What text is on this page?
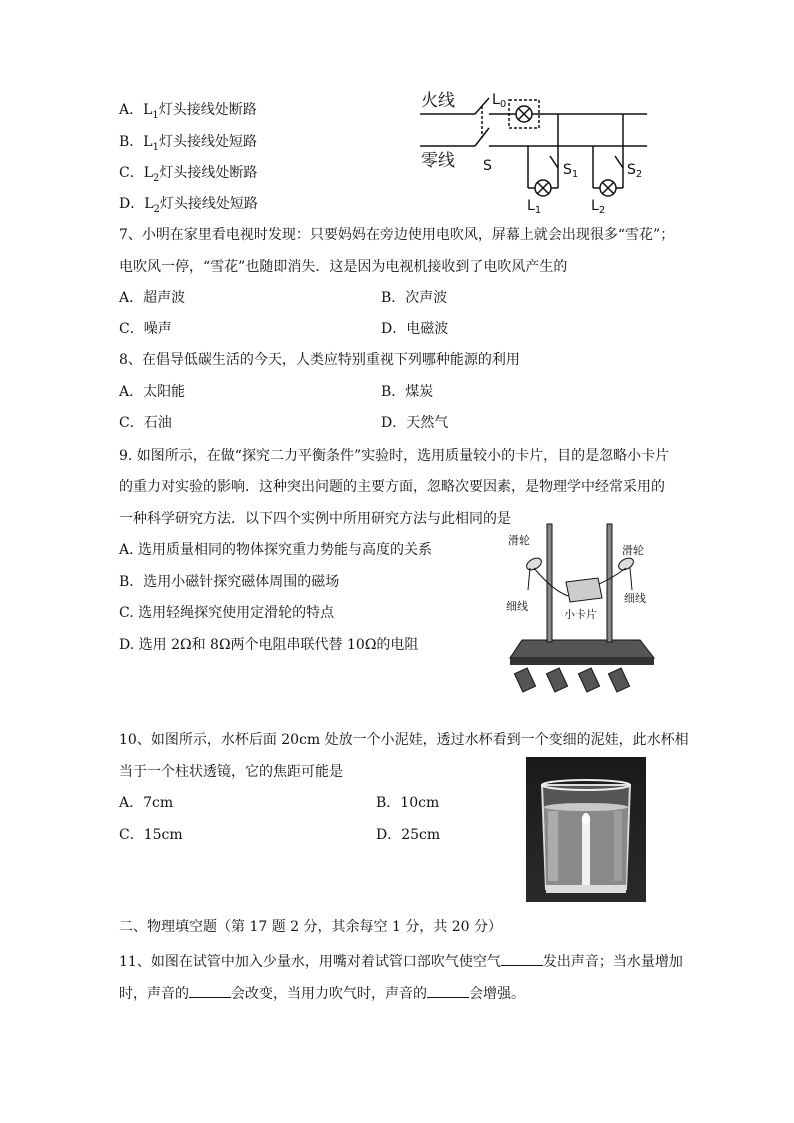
A．$L_1$灯头接线处断路
B．$L_1$灯头接线处短路
C．$L_2$灯头接线处断路
D．$L_2$灯头接线处短路
火线
零线
$L_0$
S	$S_1$	$S_2$
$L_1$	$L_2$
7、小明在家里看电视时发现：只要妈妈在旁边使用电吹风，屏幕上就会出现很多“雪花”；
电吹风一停，“雪花”也随即消失．这是因为电视机接收到了电吹风产生的
A．超声波	B．次声波
C．噪声	D．电磁波
8、在倡导低碳生活的今天，人类应特别重视下列哪种能源的利用
A．太阳能	B．煤炭
C．石油	D．天然气
9. 如图所示，在做“探究二力平衡条件”实验时，选用质量较小的卡片，目的是忽略小卡片
的重力对实验的影响．这种突出问题的主要方面，忽略次要因素，是物理学中经常采用的
一种科学研究方法．以下四个实例中所用研究方法与此相同的是
A. 选用质量相同的物体探究重力势能与高度的关系
B．选用小磁针探究磁体周围的磁场
C. 选用轻绳探究使用定滑轮的特点
D. 选用 2Ω和 8Ω两个电阻串联代替 10Ω的电阻
滑轮
滑轮
细线
细线
小卡片
10、如图所示，水杯后面 20cm 处放一个小泥娃，透过水杯看到一个变细的泥娃，此水杯相
当于一个柱状透镜，它的焦距可能是
A．7cm	B．10cm
C．15cm	D．25cm
二、物理填空题（第 17 题 2 分，其余每空 1 分，共 20 分）
11、如图在试管中加入少量水，用嘴对着试管口部吹气使空气	发出声音；当水量增加
时，声音的	会改变，当用力吹气时，声音的	会增强。
